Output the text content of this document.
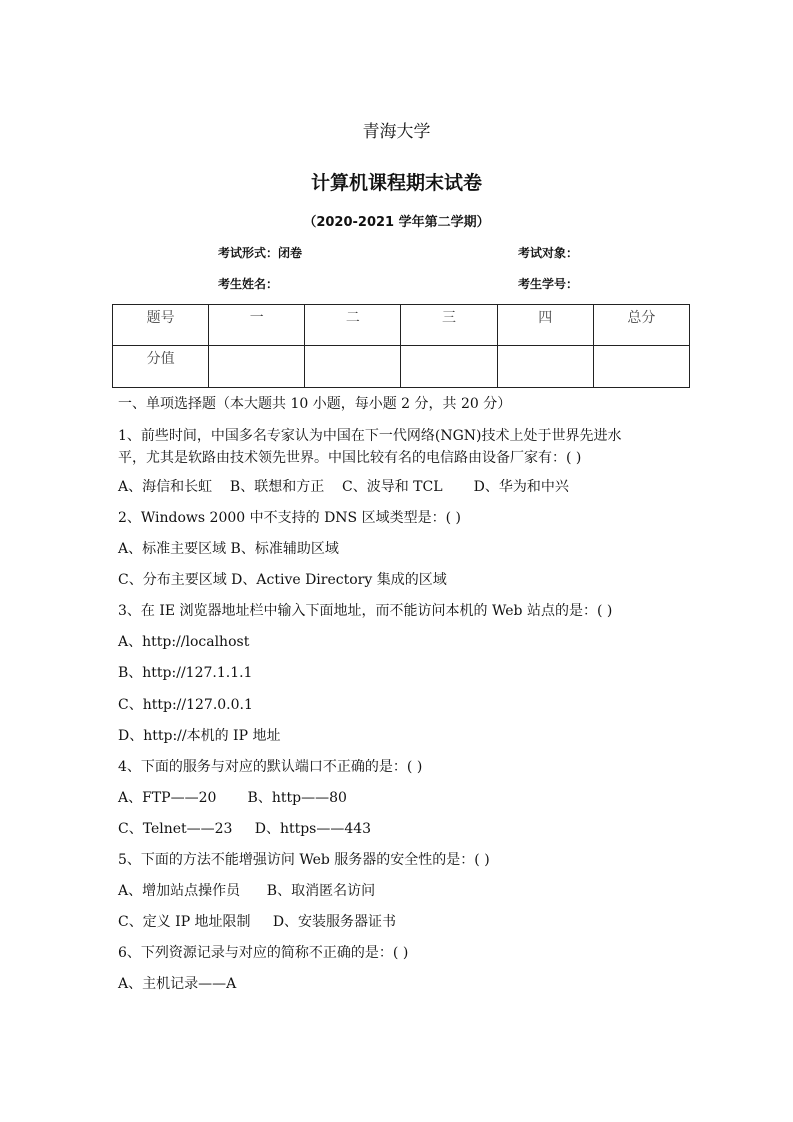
青海大学
计算机课程期末试卷
（2020-2021 学年第二学期）
考试形式：闭卷	考试对象：
考生姓名：	考生学号：
题号	一	二	三	四	总分
分值					
一、单项选择题（本大题共 10 小题，每小题 2 分，共 20 分）
1、前些时间，中国多名专家认为中国在下一代网络(NGN)技术上处于世界先进水
平，尤其是软路由技术领先世界。中国比较有名的电信路由设备厂家有：( )
A、海信和长虹    B、联想和方正    C、波导和 TCL       D、华为和中兴
2、Windows 2000 中不支持的 DNS 区域类型是：( )
A、标准主要区域 B、标准辅助区域
C、分布主要区域 D、Active Directory 集成的区域
3、在 IE 浏览器地址栏中输入下面地址，而不能访问本机的 Web 站点的是：( )
A、http://localhost
B、http://127.1.1.1
C、http://127.0.0.1
D、http://本机的 IP 地址
4、下面的服务与对应的默认端口不正确的是：( )
A、FTP——20       B、http——80
C、Telnet——23     D、https——443
5、下面的方法不能增强访问 Web 服务器的安全性的是：( )
A、增加站点操作员      B、取消匿名访问
C、定义 IP 地址限制     D、安装服务器证书
6、下列资源记录与对应的简称不正确的是：( )
A、主机记录——A
